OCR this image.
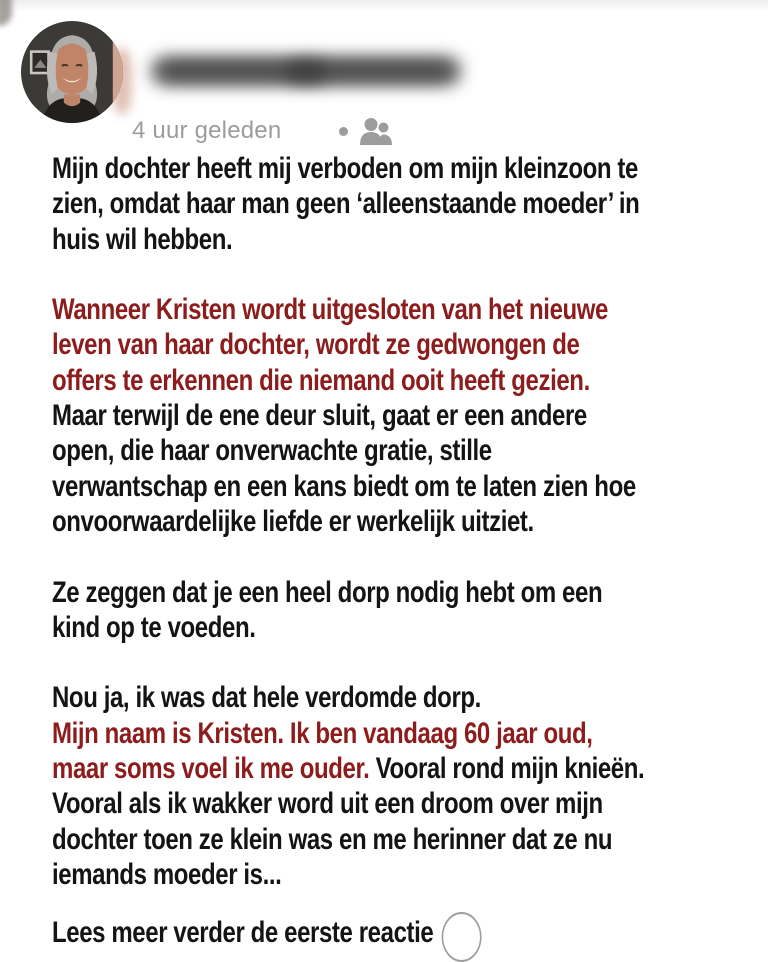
4 uur geleden
Mijn dochter heeft mij verboden om mijn kleinzoon te
zien, omdat haar man geen ‘alleenstaande moeder’ in
huis wil hebben.

Wanneer Kristen wordt uitgesloten van het nieuwe
leven van haar dochter, wordt ze gedwongen de
offers te erkennen die niemand ooit heeft gezien.
Maar terwijl de ene deur sluit, gaat er een andere
open, die haar onverwachte gratie, stille
verwantschap en een kans biedt om te laten zien hoe
onvoorwaardelijke liefde er werkelijk uitziet.

Ze zeggen dat je een heel dorp nodig hebt om een
kind op te voeden.

Nou ja, ik was dat hele verdomde dorp.
Mijn naam is Kristen. Ik ben vandaag 60 jaar oud,
maar soms voel ik me ouder. Vooral rond mijn knieën.
Vooral als ik wakker word uit een droom over mijn
dochter toen ze klein was en me herinner dat ze nu
iemands moeder is...
Lees meer verder de eerste reactie
